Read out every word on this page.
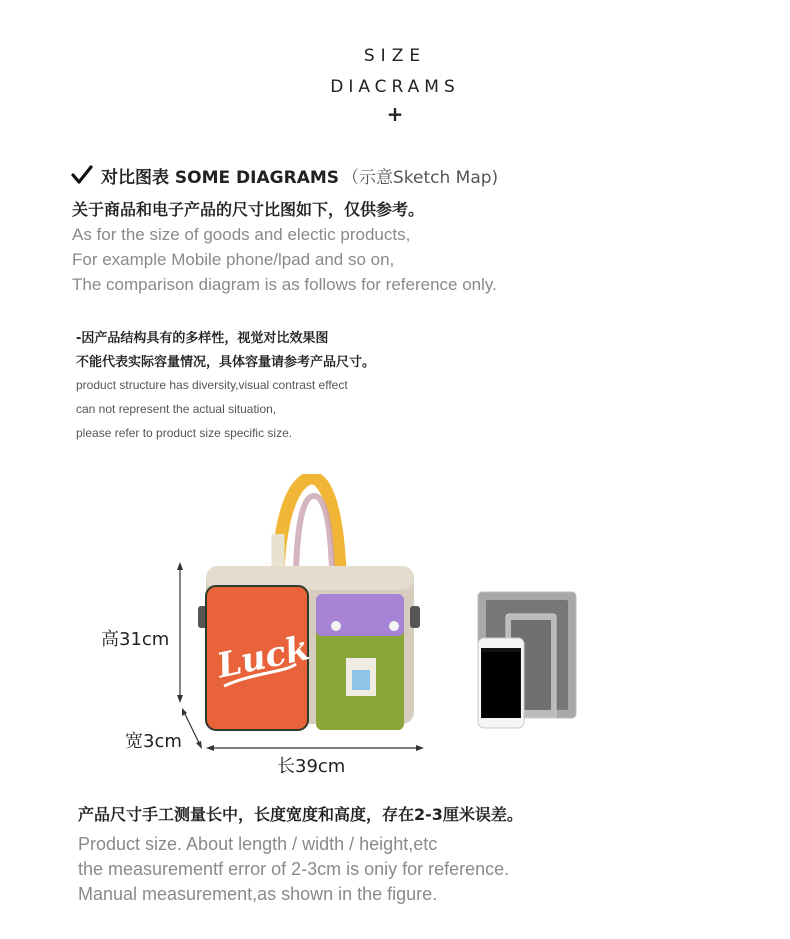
SIZE
DIACRAMS
+
对比图表 SOME DIAGRAMS （示意Sketch Map)
关于商品和电子产品的尺寸比图如下，仅供参考。
As for the size of goods and electic products,
For example Mobile phone/lpad and so on,
The comparison diagram is as follows for reference only.
-因产品结构具有的多样性，视觉对比效果图
不能代表实际容量情况，具体容量请参考产品尺寸。
product structure has diversity,visual contrast effect
can not represent the actual situation,
please refer to product size specific size.
Luck
高31cm
宽3cm
长39cm
产品尺寸手工测量长中，长度宽度和高度，存在2-3厘米误差。
Product size. About length / width / height,etc
the measurementf error of 2-3cm is oniy for reference.
Manual measurement,as shown in the figure.
